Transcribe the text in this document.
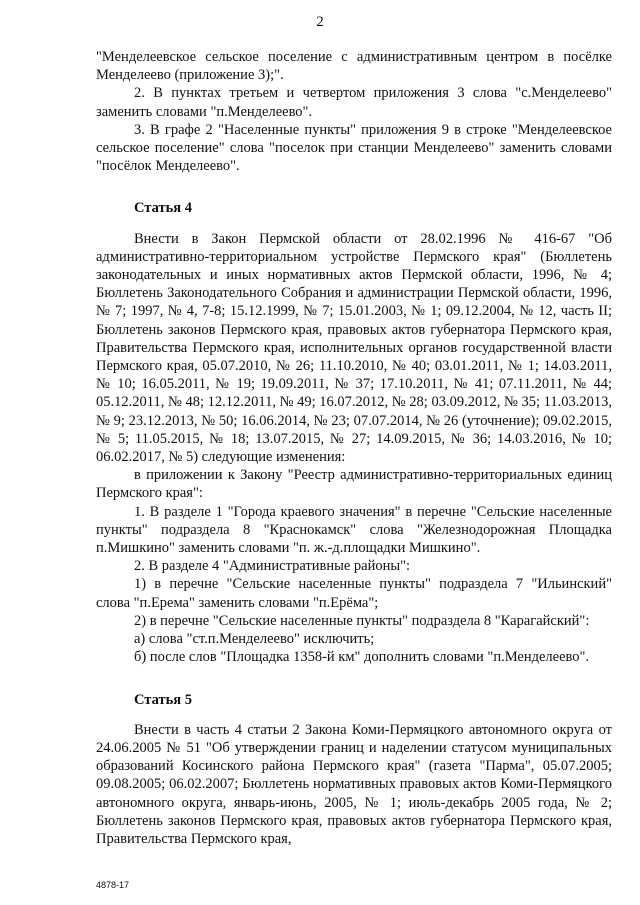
2

"Менделеевское сельское поселение с административным центром в посёлке Менделеево (приложение 3);".

2. В пунктах третьем и четвертом приложения 3 слова "с.Менделеево" заменить словами "п.Менделеево".

3. В графе 2 "Населенные пункты" приложения 9 в строке "Менделеевское сельское поселение" слова "поселок при станции Менделеево" заменить словами "посёлок Менделеево".

Статья 4

Внести в Закон Пермской области от 28.02.1996 № 416-67 "Об административно-территориальном устройстве Пермского края" (Бюллетень законодательных и иных нормативных актов Пермской области, 1996, № 4; Бюллетень Законодательного Собрания и администрации Пермской области, 1996, № 7; 1997, № 4, 7-8; 15.12.1999, № 7; 15.01.2003, № 1; 09.12.2004, № 12, часть II; Бюллетень законов Пермского края, правовых актов губернатора Пермского края, Правительства Пермского края, исполнительных органов государственной власти Пермского края, 05.07.2010, № 26; 11.10.2010, № 40; 03.01.2011, № 1; 14.03.2011, № 10; 16.05.2011, № 19; 19.09.2011, № 37; 17.10.2011, № 41; 07.11.2011, № 44; 05.12.2011, № 48; 12.12.2011, № 49; 16.07.2012, № 28; 03.09.2012, № 35; 11.03.2013, № 9; 23.12.2013, № 50; 16.06.2014, № 23; 07.07.2014, № 26 (уточнение); 09.02.2015, № 5; 11.05.2015, № 18; 13.07.2015, № 27; 14.09.2015, № 36; 14.03.2016, № 10; 06.02.2017, № 5) следующие изменения:

в приложении к Закону "Реестр административно-территориальных единиц Пермского края":

1. В разделе 1 "Города краевого значения" в перечне "Сельские населенные пункты" подраздела 8 "Краснокамск" слова "Железнодорожная Площадка п.Мишкино" заменить словами "п. ж.-д.площадки Мишкино".

2. В разделе 4 "Административные районы":

1) в перечне "Сельские населенные пункты" подраздела 7 "Ильинский" слова "п.Ерема" заменить словами "п.Ерёма";

2) в перечне "Сельские населенные пункты" подраздела 8 "Карагайский":

а) слова "ст.п.Менделеево" исключить;

б) после слов "Площадка 1358-й км" дополнить словами "п.Менделеево".

Статья 5

Внести в часть 4 статьи 2 Закона Коми-Пермяцкого автономного округа от 24.06.2005 № 51 "Об утверждении границ и наделении статусом муниципальных образований Косинского района Пермского края" (газета "Парма", 05.07.2005; 09.08.2005; 06.02.2007; Бюллетень нормативных правовых актов Коми-Пермяцкого автономного округа, январь-июнь, 2005, № 1; июль-декабрь 2005 года, № 2; Бюллетень законов Пермского края, правовых актов губернатора Пермского края, Правительства Пермского края,

4878-17
